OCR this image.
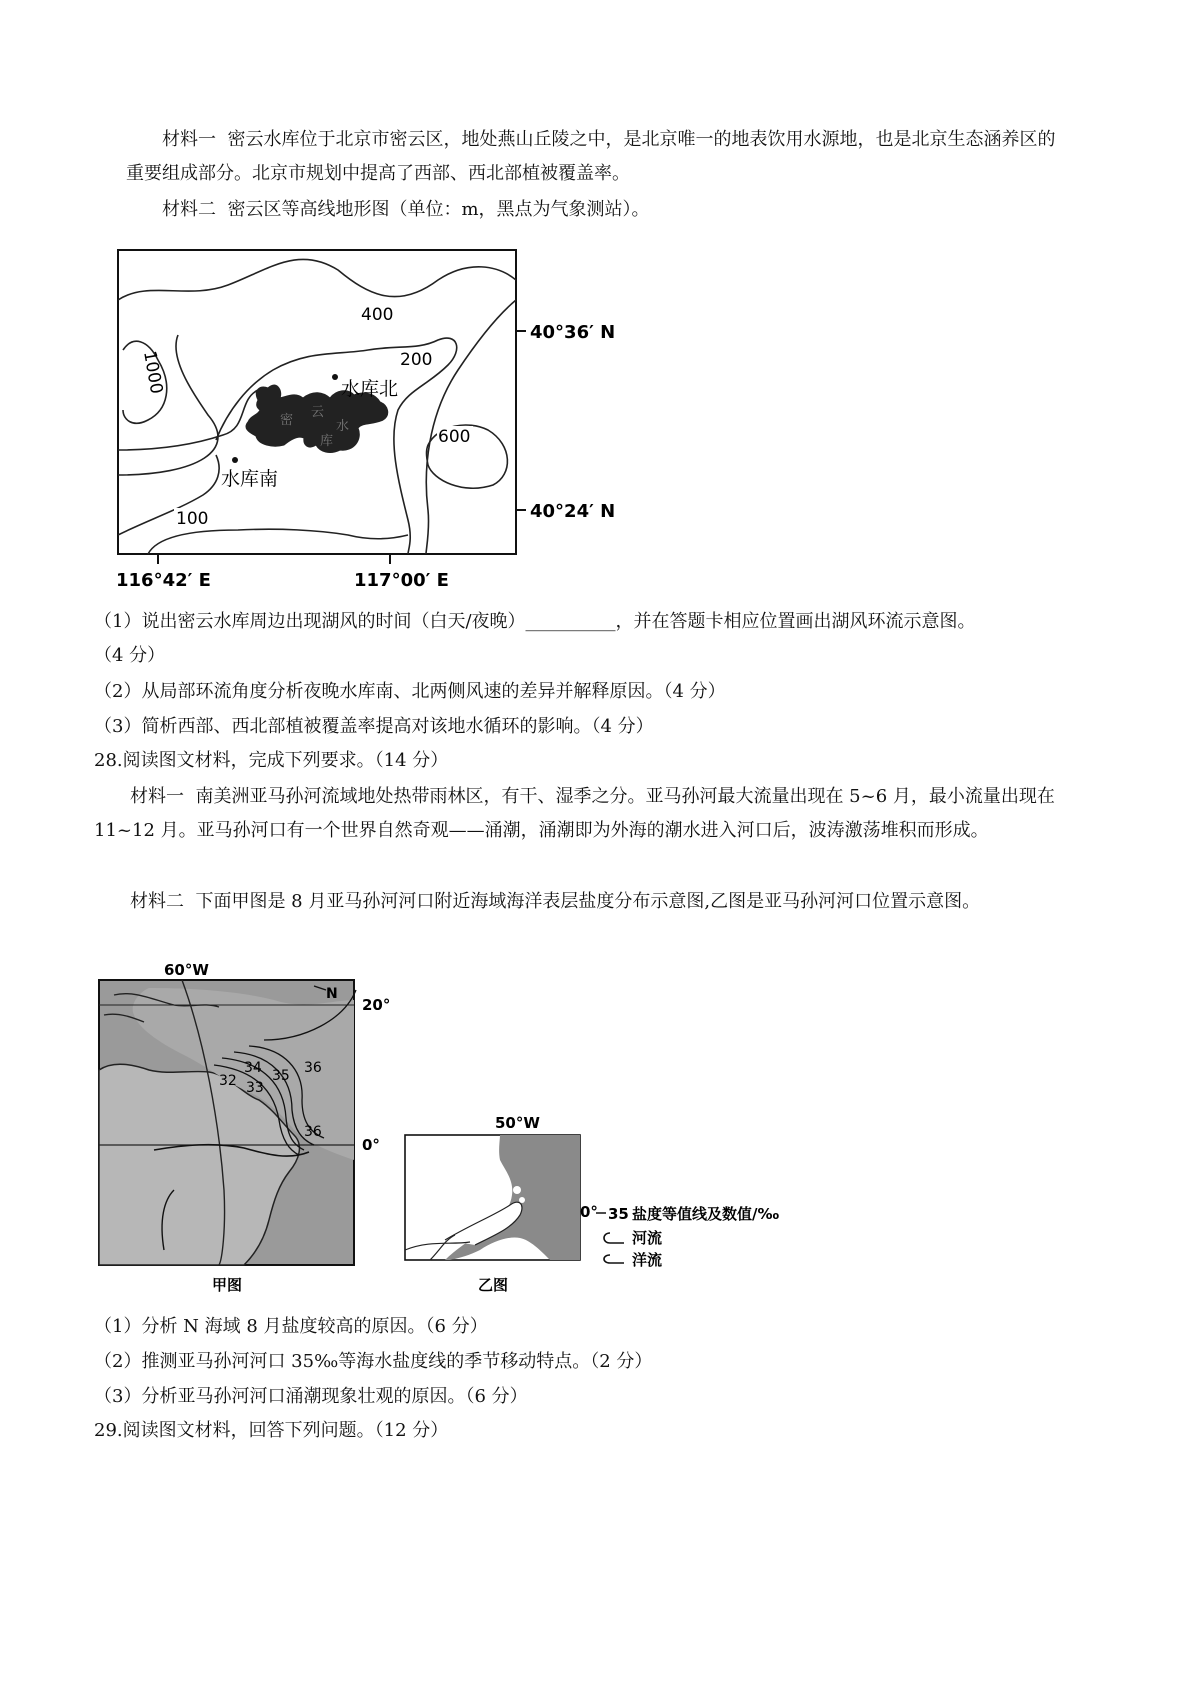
材料一 密云水库位于北京市密云区，地处燕山丘陵之中，是北京唯一的地表饮用水源地，也是北京生态涵养区的重要组成部分。北京市规划中提高了西部、西北部植被覆盖率。

材料二 密云区等高线地形图（单位：m，黑点为气象测站）。

密
云
水
库
400
200
1000
600
100
水库北
水库南
40°36′ N
40°24′ N
116°42′ E	117°00′ E

（1）说出密云水库周边出现湖风的时间（白天/夜晚）__________，并在答题卡相应位置画出湖风环流示意图。

（4 分）

（2）从局部环流角度分析夜晚水库南、北两侧风速的差异并解释原因。（4 分）

（3）简析西部、西北部植被覆盖率提高对该地水循环的影响。（4 分）

28.阅读图文材料，完成下列要求。（14 分）

材料一 南美洲亚马孙河流域地处热带雨林区，有干、湿季之分。亚马孙河最大流量出现在 5~6 月，最小流量出现在 11~12 月。亚马孙河口有一个世界自然奇观——涌潮，涌潮即为外海的潮水进入河口后，波涛激荡堆积而形成。

材料二 下面甲图是 8 月亚马孙河河口附近海域海洋表层盐度分布示意图,乙图是亚马孙河河口位置示意图。

60°W
20°
0°
N
36
34 35
32 33
36
甲图
50°W
乙图
0° 35 盐度等值线及数值/‰
河流
洋流

（1）分析 N 海域 8 月盐度较高的原因。（6 分）

（2）推测亚马孙河河口 35‰等海水盐度线的季节移动特点。（2 分）

（3）分析亚马孙河河口涌潮现象壮观的原因。（6 分）

29.阅读图文材料，回答下列问题。（12 分）
